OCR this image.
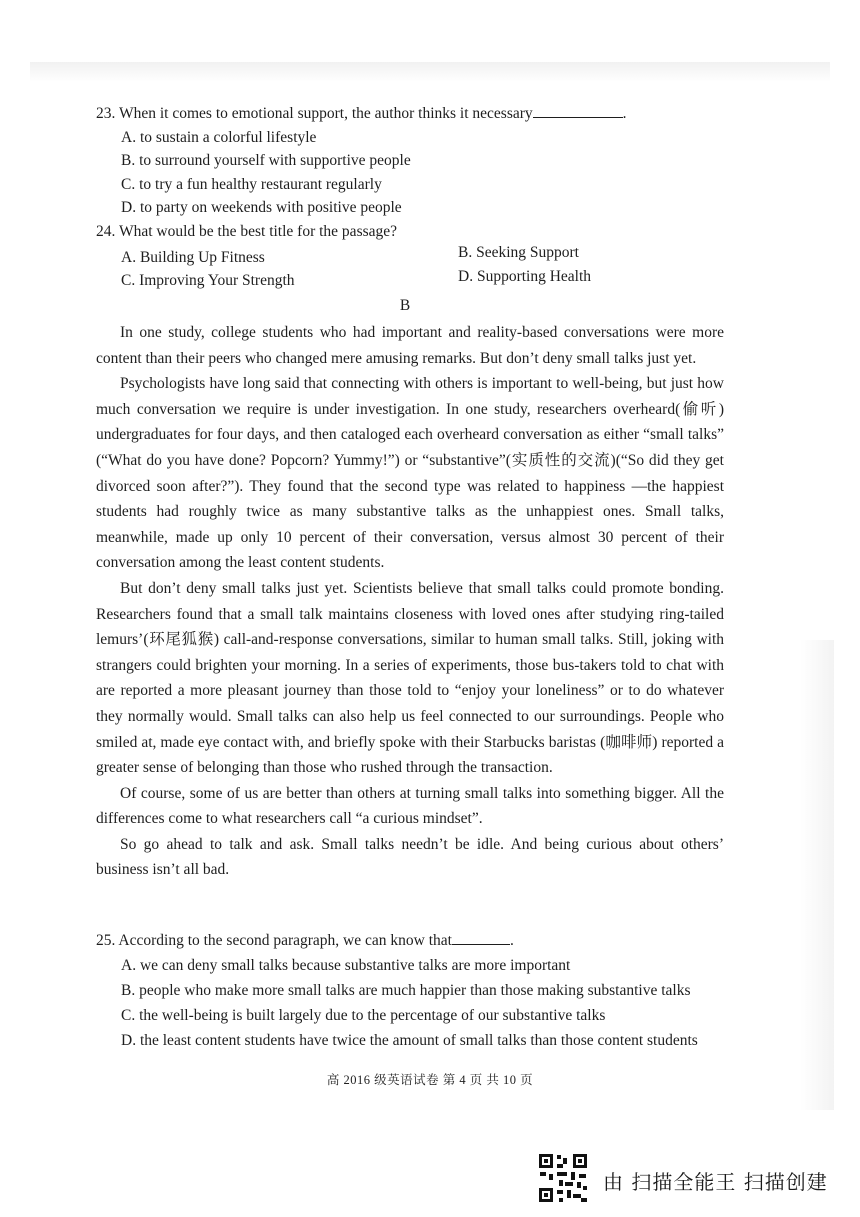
23. When it comes to emotional support, the author thinks it necessary	.
A. to sustain a colorful lifestyle
B. to surround yourself with supportive people
C. to try a fun healthy restaurant regularly
D. to party on weekends with positive people
24. What would be the best title for the passage?
A. Building Up Fitness	B. Seeking Support
C. Improving Your Strength	D. Supporting Health
B

In one study, college students who had important and reality-based conversations were more content than their peers who changed mere amusing remarks. But don’t deny small talks just yet.

Psychologists have long said that connecting with others is important to well-being, but just how much conversation we require is under investigation. In one study, researchers overheard(偷听) undergraduates for four days, and then cataloged each overheard conversation as either “small talks” (“What do you have done? Popcorn? Yummy!”) or “substantive”(实质性的交流)(“So did they get divorced soon after?”). They found that the second type was related to happiness —the happiest students had roughly twice as many substantive talks as the unhappiest ones. Small talks, meanwhile, made up only 10 percent of their conversation, versus almost 30 percent of their conversation among the least content students.

But don’t deny small talks just yet. Scientists believe that small talks could promote bonding. Researchers found that a small talk maintains closeness with loved ones after studying ring-tailed lemurs’(环尾狐猴) call-and-response conversations, similar to human small talks. Still, joking with strangers could brighten your morning. In a series of experiments, those bus-takers told to chat with are reported a more pleasant journey than those told to “enjoy your loneliness” or to do whatever they normally would. Small talks can also help us feel connected to our surroundings. People who smiled at, made eye contact with, and briefly spoke with their Starbucks baristas (咖啡师) reported a greater sense of belonging than those who rushed through the transaction.

Of course, some of us are better than others at turning small talks into something bigger. All the differences come to what researchers call “a curious mindset”.

So go ahead to talk and ask. Small talks needn’t be idle. And being curious about others’ business isn’t all bad.

25. According to the second paragraph, we can know that	.
A. we can deny small talks because substantive talks are more important
B. people who make more small talks are much happier than those making substantive talks
C. the well-being is built largely due to the percentage of our substantive talks
D. the least content students have twice the amount of small talks than those content students
高 2016 级英语试卷 第 4 页 共 10 页
由 扫描全能王 扫描创建
